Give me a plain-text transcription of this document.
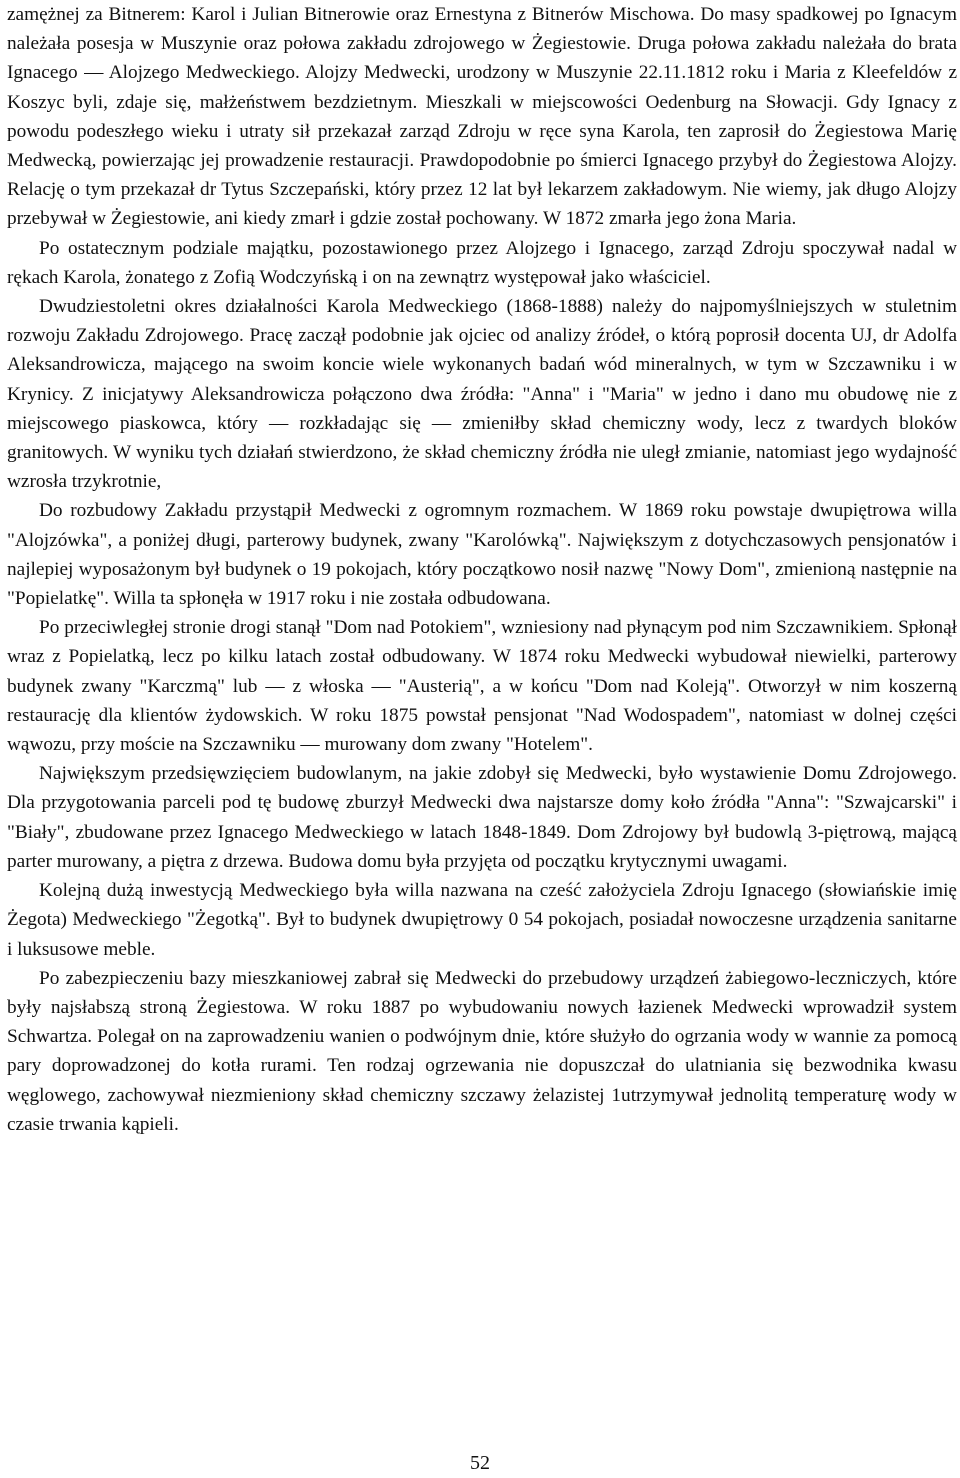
zamężnej za Bitnerem: Karol i Julian Bitnerowie oraz Ernestyna z Bitnerów Mischowa. Do masy spadkowej po Ignacym należała posesja w Muszynie oraz połowa zakładu zdrojowego w Żegiestowie. Druga połowa zakładu należała do brata Ignacego — Alojzego Medweckiego. Alojzy Medwecki, urodzony w Muszynie 22.11.1812 roku i Maria z Kleefeldów z Koszyc byli, zdaje się, małżeństwem bezdzietnym. Mieszkali w miejscowości Oedenburg na Słowacji. Gdy Ignacy z powodu podeszłego wieku i utraty sił przekazał zarząd Zdroju w ręce syna Karola, ten zaprosił do Żegiestowa Marię Medwecką, powierzając jej prowadzenie restauracji. Prawdopodobnie po śmierci Ignacego przybył do Żegiestowa Alojzy. Relację o tym przekazał dr Tytus Szczepański, który przez 12 lat był lekarzem zakładowym. Nie wiemy, jak długo Alojzy przebywał w Żegiestowie, ani kiedy zmarł i gdzie został pochowany. W 1872 zmarła jego żona Maria.

Po ostatecznym podziale majątku, pozostawionego przez Alojzego i Ignacego, zarząd Zdroju spoczywał nadal w rękach Karola, żonatego z Zofią Wodczyńską i on na zewnątrz występował jako właściciel.

Dwudziestoletni okres działalności Karola Medweckiego (1868-1888) należy do najpomyślniejszych w stuletnim rozwoju Zakładu Zdrojowego. Pracę zaczął podobnie jak ojciec od analizy źródeł, o którą poprosił docenta UJ, dr Adolfa Aleksandrowicza, mającego na swoim koncie wiele wykonanych badań wód mineralnych, w tym w Szczawniku i w Krynicy. Z inicjatywy Aleksandrowicza połączono dwa źródła: "Anna" i "Maria" w jedno i dano mu obudowę nie z miejscowego piaskowca, który — rozkładając się — zmieniłby skład chemiczny wody, lecz z twardych bloków granitowych. W wyniku tych działań stwierdzono, że skład chemiczny źródła nie uległ zmianie, natomiast jego wydajność wzrosła trzykrotnie,

Do rozbudowy Zakładu przystąpił Medwecki z ogromnym rozmachem. W 1869 roku powstaje dwupiętrowa willa "Alojzówka", a poniżej długi, parterowy budynek, zwany "Karolówką". Największym z dotychczasowych pensjonatów i najlepiej wyposażonym był budynek o 19 pokojach, który początkowo nosił nazwę "Nowy Dom", zmienioną następnie na "Popielatkę". Willa ta spłonęła w 1917 roku i nie została odbudowana.

Po przeciwległej stronie drogi stanął "Dom nad Potokiem", wzniesiony nad płynącym pod nim Szczawnikiem. Spłonął wraz z Popielatką, lecz po kilku latach został odbudowany. W 1874 roku Medwecki wybudował niewielki, parterowy budynek zwany "Karczmą" lub — z włoska — "Austerią", a w końcu "Dom nad Koleją". Otworzył w nim koszerną restaurację dla klientów żydowskich. W roku 1875 powstał pensjonat "Nad Wodospadem", natomiast w dolnej części wąwozu, przy moście na Szczawniku — murowany dom zwany "Hotelem".

Największym przedsięwzięciem budowlanym, na jakie zdobył się Medwecki, było wystawienie Domu Zdrojowego. Dla przygotowania parceli pod tę budowę zburzył Medwecki dwa najstarsze domy koło źródła "Anna": "Szwajcarski" i "Biały", zbudowane przez Ignacego Medweckiego w latach 1848-1849. Dom Zdrojowy był budowlą 3-piętrową, mającą parter murowany, a piętra z drzewa. Budowa domu była przyjęta od początku krytycznymi uwagami.

Kolejną dużą inwestycją Medweckiego była willa nazwana na cześć założyciela Zdroju Ignacego (słowiańskie imię Żegota) Medweckiego "Żegotką". Był to budynek dwupiętrowy 0 54 pokojach, posiadał nowoczesne urządzenia sanitarne i luksusowe meble.

Po zabezpieczeniu bazy mieszkaniowej zabrał się Medwecki do przebudowy urządzeń żabiegowo-leczniczych, które były najsłabszą stroną Żegiestowa. W roku 1887 po wybudowaniu nowych łazienek Medwecki wprowadził system Schwartza. Polegał on na zaprowadzeniu wanien o podwójnym dnie, które służyło do ogrzania wody w wannie za pomocą pary doprowadzonej do kotła rurami. Ten rodzaj ogrzewania nie dopuszczał do ulatniania się bezwodnika kwasu węglowego, zachowywał niezmieniony skład chemiczny szczawy żelazistej 1utrzymywał jednolitą temperaturę wody w czasie trwania kąpieli.

52
